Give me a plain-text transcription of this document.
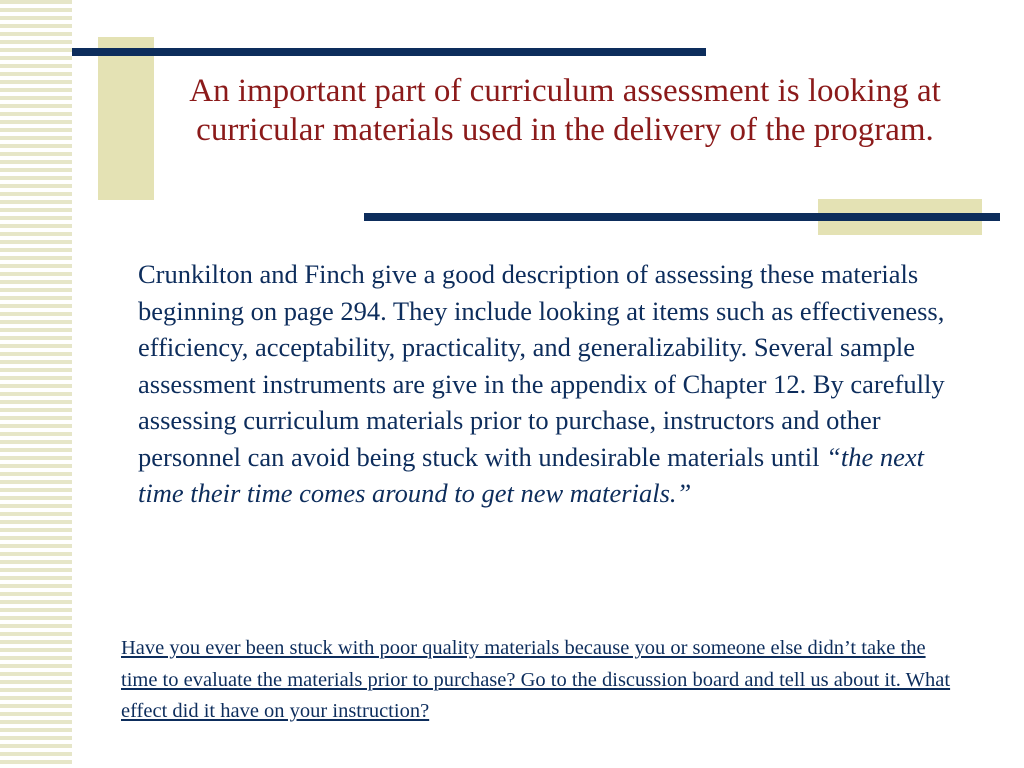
An important part of curriculum assessment is looking at curricular materials used in the delivery of the program.

Crunkilton and Finch give a good description of assessing these materials beginning on page 294. They include looking at items such as effectiveness, efficiency, acceptability, practicality, and generalizability. Several sample assessment instruments are give in the appendix of Chapter 12. By carefully assessing curriculum materials prior to purchase, instructors and other personnel can avoid being stuck with undesirable materials until “the next time their time comes around to get new materials.”

Have you ever been stuck with poor quality materials because you or someone else didn’t take the time to evaluate the materials prior to purchase? Go to the discussion board and tell us about it. What effect did it have on your instruction?
